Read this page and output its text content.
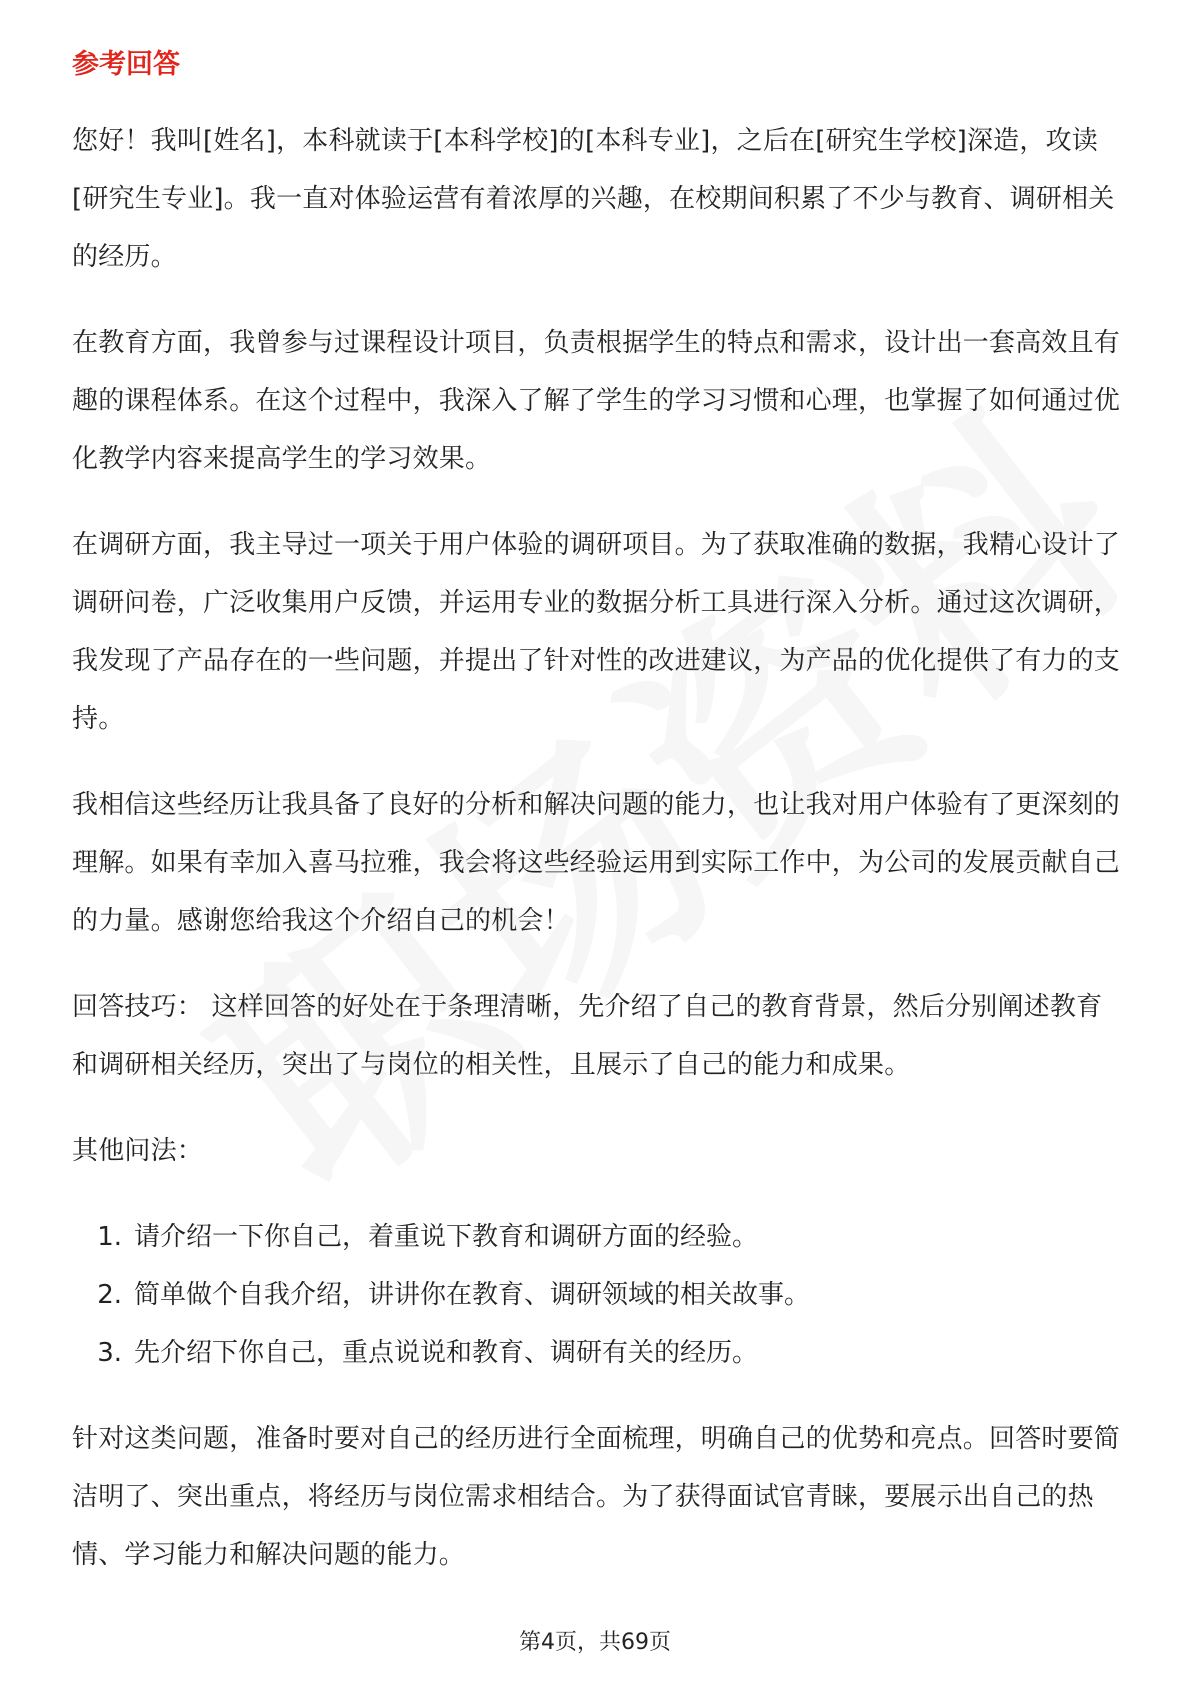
参考回答

您好！我叫[姓名]，本科就读于[本科学校]的[本科专业]，之后在[研究生学校]深造，攻读[研究生专业]。我一直对体验运营有着浓厚的兴趣，在校期间积累了不少与教育、调研相关的经历。

在教育方面，我曾参与过课程设计项目，负责根据学生的特点和需求，设计出一套高效且有趣的课程体系。在这个过程中，我深入了解了学生的学习习惯和心理，也掌握了如何通过优化教学内容来提高学生的学习效果。

在调研方面，我主导过一项关于用户体验的调研项目。为了获取准确的数据，我精心设计了调研问卷，广泛收集用户反馈，并运用专业的数据分析工具进行深入分析。通过这次调研，我发现了产品存在的一些问题，并提出了针对性的改进建议，为产品的优化提供了有力的支持。

我相信这些经历让我具备了良好的分析和解决问题的能力，也让我对用户体验有了更深刻的理解。如果有幸加入喜马拉雅，我会将这些经验运用到实际工作中，为公司的发展贡献自己的力量。感谢您给我这个介绍自己的机会！

回答技巧： 这样回答的好处在于条理清晰，先介绍了自己的教育背景，然后分别阐述教育和调研相关经历，突出了与岗位的相关性，且展示了自己的能力和成果。

其他问法：

1. 请介绍一下你自己，着重说下教育和调研方面的经验。
2. 简单做个自我介绍，讲讲你在教育、调研领域的相关故事。
3. 先介绍下你自己，重点说说和教育、调研有关的经历。

针对这类问题，准备时要对自己的经历进行全面梳理，明确自己的优势和亮点。回答时要简洁明了、突出重点，将经历与岗位需求相结合。为了获得面试官青睐，要展示出自己的热情、学习能力和解决问题的能力。

第4页，共69页
